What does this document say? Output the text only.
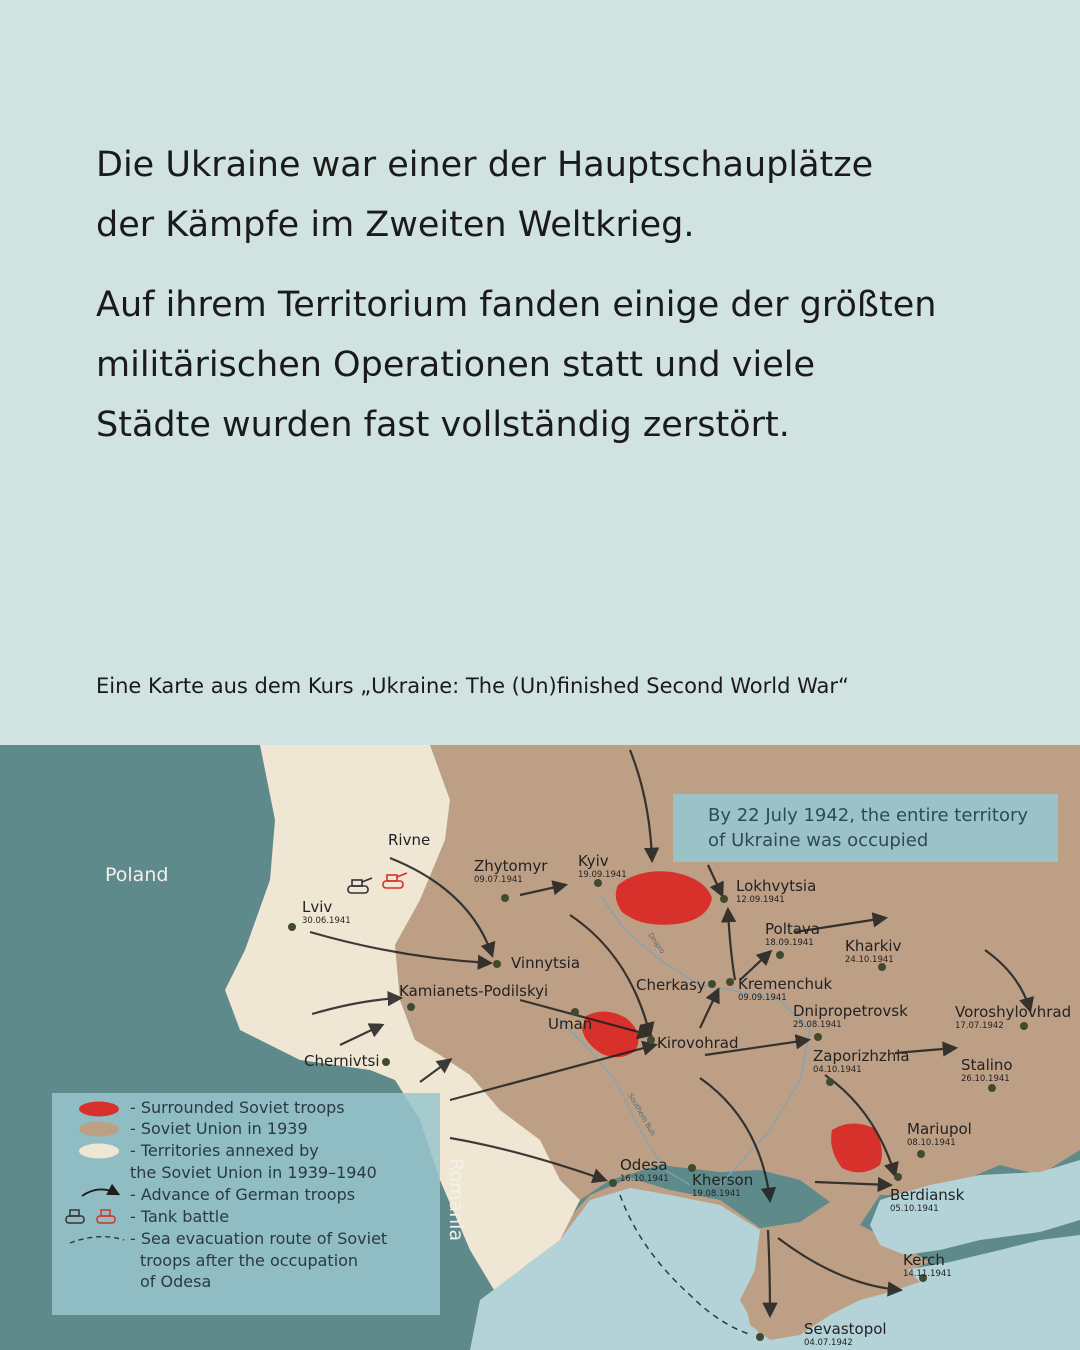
Die Ukraine war einer der Hauptschauplätze
der Kämpfe im Zweiten Weltkrieg.

Auf ihrem Territorium fanden einige der größten
militärischen Operationen statt und viele
Städte wurden fast vollständig zerstört.

Eine Karte aus dem Kurs „Ukraine: The (Un)finished Second World War“

Poland
Romania
Dnipro
Southern Buh
By 22 July 1942, the entire territory
of Ukraine was occupied
Rivne
Lviv
30.06.1941
Zhytomyr
09.07.1941
Kyiv
19.09.1941
Lokhvytsia
12.09.1941
Poltava
18.09.1941 Kharkiv
24.10.1941
Vinnytsia
Cherkasy Kremenchuk
09.09.1941
Kamianets-Podilskyi
Dnipropetrovsk
25.08.1941
Voroshylovhrad
17.07.1942
Uman
Kirovohrad
Zaporizhzhia
04.10.1941	Stalino
26.10.1941
Chernivtsi
Mariupol
08.10.1941
Odesa
16.10.1941 Kherson
19.08.1941	Berdiansk
05.10.1941
Kerch
14.11.1941
Sevastopol
04.07.1942
- Surrounded Soviet troops
- Soviet Union in 1939
- Territories annexed by
the Soviet Union in 1939–1940
- Advance of German troops
- Tank battle
- Sea evacuation route of Soviet
troops after the occupation
of Odesa
